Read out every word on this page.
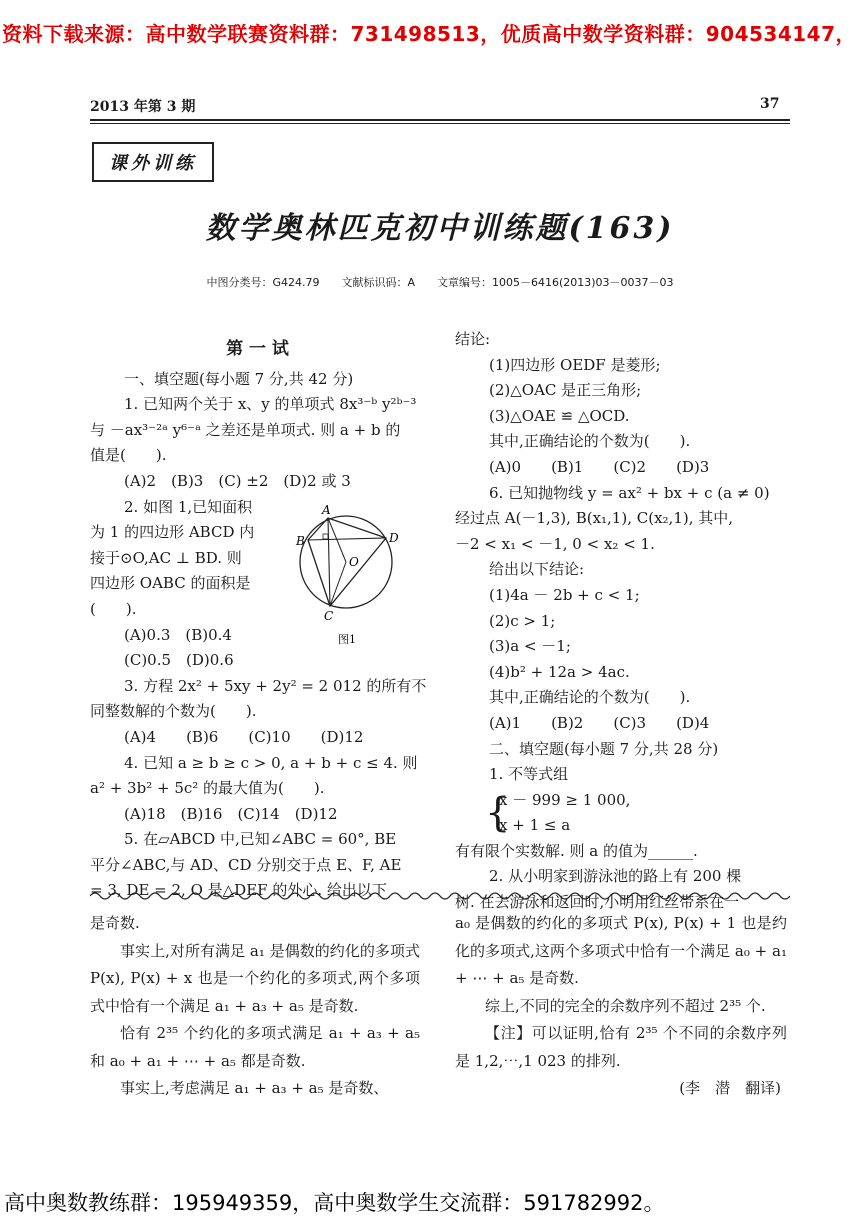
资料下载来源：高中数学联赛资料群：731498513，优质高中数学资料群：904534147，
2013 年第 3 期	37
课外训练
数学奥林匹克初中训练题(163)
中图分类号：G424.79　　文献标识码：A　　文章编号：1005－6416(2013)03－0037－03

第 一 试

一、填空题(每小题 7 分,共 42 分)

1. 已知两个关于 x、y 的单项式 8x³⁻ᵇ y²ᵇ⁻³

与 －ax³⁻²ᵃ y⁶⁻ᵃ 之差还是单项式. 则 a + b 的

值是(　　).

(A)2　(B)3　(C) ±2　(D)2 或 3

2. 如图 1,已知面积

为 1 的四边形 ABCD 内

接于⊙O,AC ⊥ BD. 则

四边形 OABC 的面积是

(　　).

(A)0.3　(B)0.4

(C)0.5　(D)0.6

3. 方程 2x² + 5xy + 2y² = 2 012 的所有不

同整数解的个数为(　　).

(A)4　　(B)6　　(C)10　　(D)12

4. 已知 a ≥ b ≥ c > 0, a + b + c ≤ 4. 则

a² + 3b² + 5c² 的最大值为(　　).

(A)18　(B)16　(C)14　(D)12

5. 在▱ABCD 中,已知∠ABC = 60°, BE

平分∠ABC,与 AD、CD 分别交于点 E、F, AE

= 3, DE = 2, O 是△DEF 的外心. 给出以下

A
B
C
D
O
图1

结论:

(1)四边形 OEDF 是菱形;

(2)△OAC 是正三角形;

(3)△OAE ≌ △OCD.

其中,正确结论的个数为(　　).

(A)0　　(B)1　　(C)2　　(D)3

6. 已知抛物线 y = ax² + bx + c (a ≠ 0)

经过点 A(－1,3), B(x₁,1), C(x₂,1), 其中,

－2 < x₁ < －1, 0 < x₂ < 1.

给出以下结论:

(1)4a － 2b + c < 1;

(2)c > 1;

(3)a < －1;

(4)b² + 12a > 4ac.

其中,正确结论的个数为(　　).

(A)1　　(B)2　　(C)3　　(D)4

二、填空题(每小题 7 分,共 28 分)

1. 不等式组

{

x － 999 ≥ 1 000,

x + 1 ≤ a

有有限个实数解. 则 a 的值为______.

2. 从小明家到游泳池的路上有 200 棵

树. 在去游泳和返回时,小明用红丝带系在一

是奇数.

事实上,对所有满足 a₁ 是偶数的约化的多项式 P(x), P(x) + x 也是一个约化的多项式,两个多项式中恰有一个满足 a₁ + a₃ + a₅ 是奇数.

恰有 2³⁵ 个约化的多项式满足 a₁ + a₃ + a₅ 和 a₀ + a₁ + ⋯ + a₅ 都是奇数.

事实上,考虑满足 a₁ + a₃ + a₅ 是奇数、

a₀ 是偶数的约化的多项式 P(x), P(x) + 1 也是约化的多项式,这两个多项式中恰有一个满足 a₀ + a₁ + ⋯ + a₅ 是奇数.

综上,不同的完全的余数序列不超过 2³⁵ 个.

【注】可以证明,恰有 2³⁵ 个不同的余数序列是 1,2,⋯,1 023 的排列.

(李　潜　翻译)

高中奥数教练群：195949359，高中奥数学生交流群：591782992。
